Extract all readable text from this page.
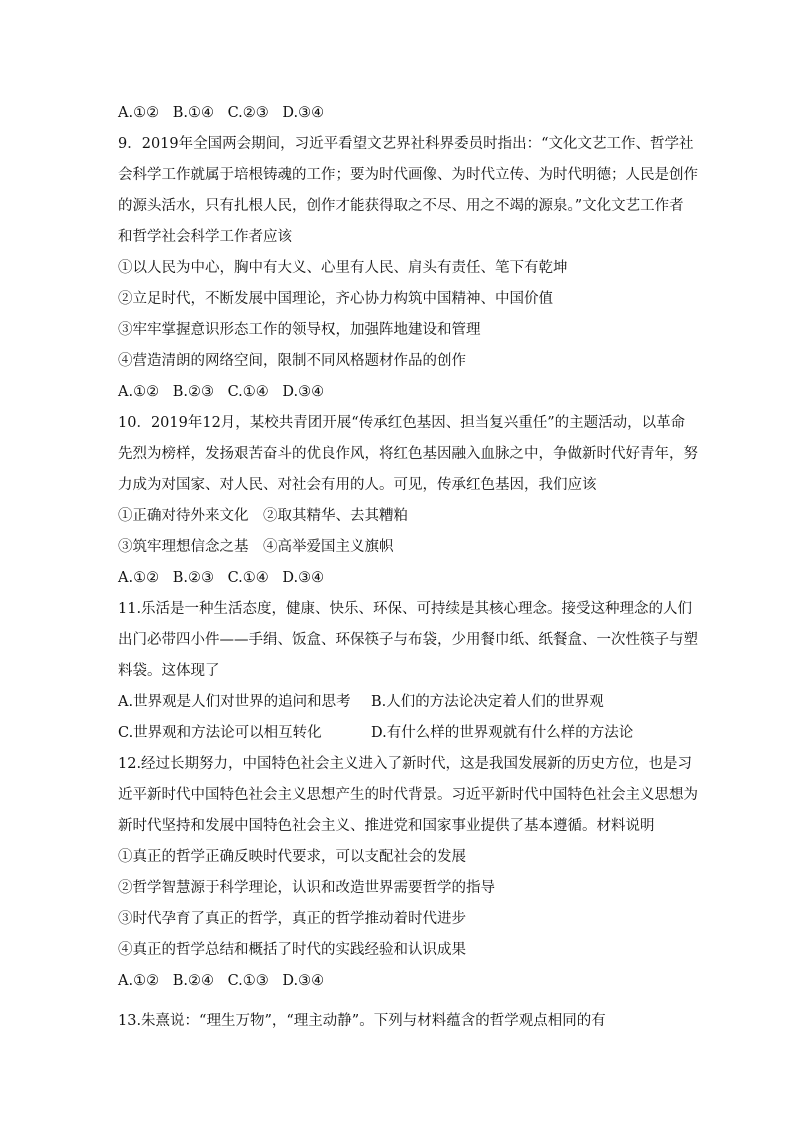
A.①② B.①④ C.②③ D.③④
9．2019年全国两会期间，习近平看望文艺界社科界委员时指出：“文化文艺工作、哲学社
会科学工作就属于培根铸魂的工作；要为时代画像、为时代立传、为时代明德；人民是创作
的源头活水，只有扎根人民，创作才能获得取之不尽、用之不竭的源泉。”文化文艺工作者
和哲学社会科学工作者应该
①以人民为中心，胸中有大义、心里有人民、肩头有责任、笔下有乾坤
②立足时代，不断发展中国理论，齐心协力构筑中国精神、中国价值
③牢牢掌握意识形态工作的领导权，加强阵地建设和管理
④营造清朗的网络空间，限制不同风格题材作品的创作
A.①② B.②③ C.①④ D.③④
10．2019年12月，某校共青团开展“传承红色基因、担当复兴重任”的主题活动，以革命
先烈为榜样，发扬艰苦奋斗的优良作风，将红色基因融入血脉之中，争做新时代好青年，努
力成为对国家、对人民、对社会有用的人。可见，传承红色基因，我们应该
①正确对待外来文化　②取其精华、去其糟粕
③筑牢理想信念之基　④高举爱国主义旗帜
A.①② B.②③ C.①④ D.③④
11.乐活是一种生活态度，健康、快乐、环保、可持续是其核心理念。接受这种理念的人们
出门必带四小件——手绢、饭盒、环保筷子与布袋，少用餐巾纸、纸餐盒、一次性筷子与塑
料袋。这体现了
A.世界观是人们对世界的追问和思考	B.人们的方法论决定着人们的世界观
C.世界观和方法论可以相互转化	D.有什么样的世界观就有什么样的方法论
12.经过长期努力，中国特色社会主义进入了新时代，这是我国发展新的历史方位，也是习
近平新时代中国特色社会主义思想产生的时代背景。习近平新时代中国特色社会主义思想为
新时代坚持和发展中国特色社会主义、推进党和国家事业提供了基本遵循。材料说明
①真正的哲学正确反映时代要求，可以支配社会的发展
②哲学智慧源于科学理论，认识和改造世界需要哲学的指导
③时代孕育了真正的哲学，真正的哲学推动着时代进步
④真正的哲学总结和概括了时代的实践经验和认识成果
A.①② B.②④ C.①③ D.③④
13.朱熹说：“理生万物”，“理主动静”。下列与材料蕴含的哲学观点相同的有
